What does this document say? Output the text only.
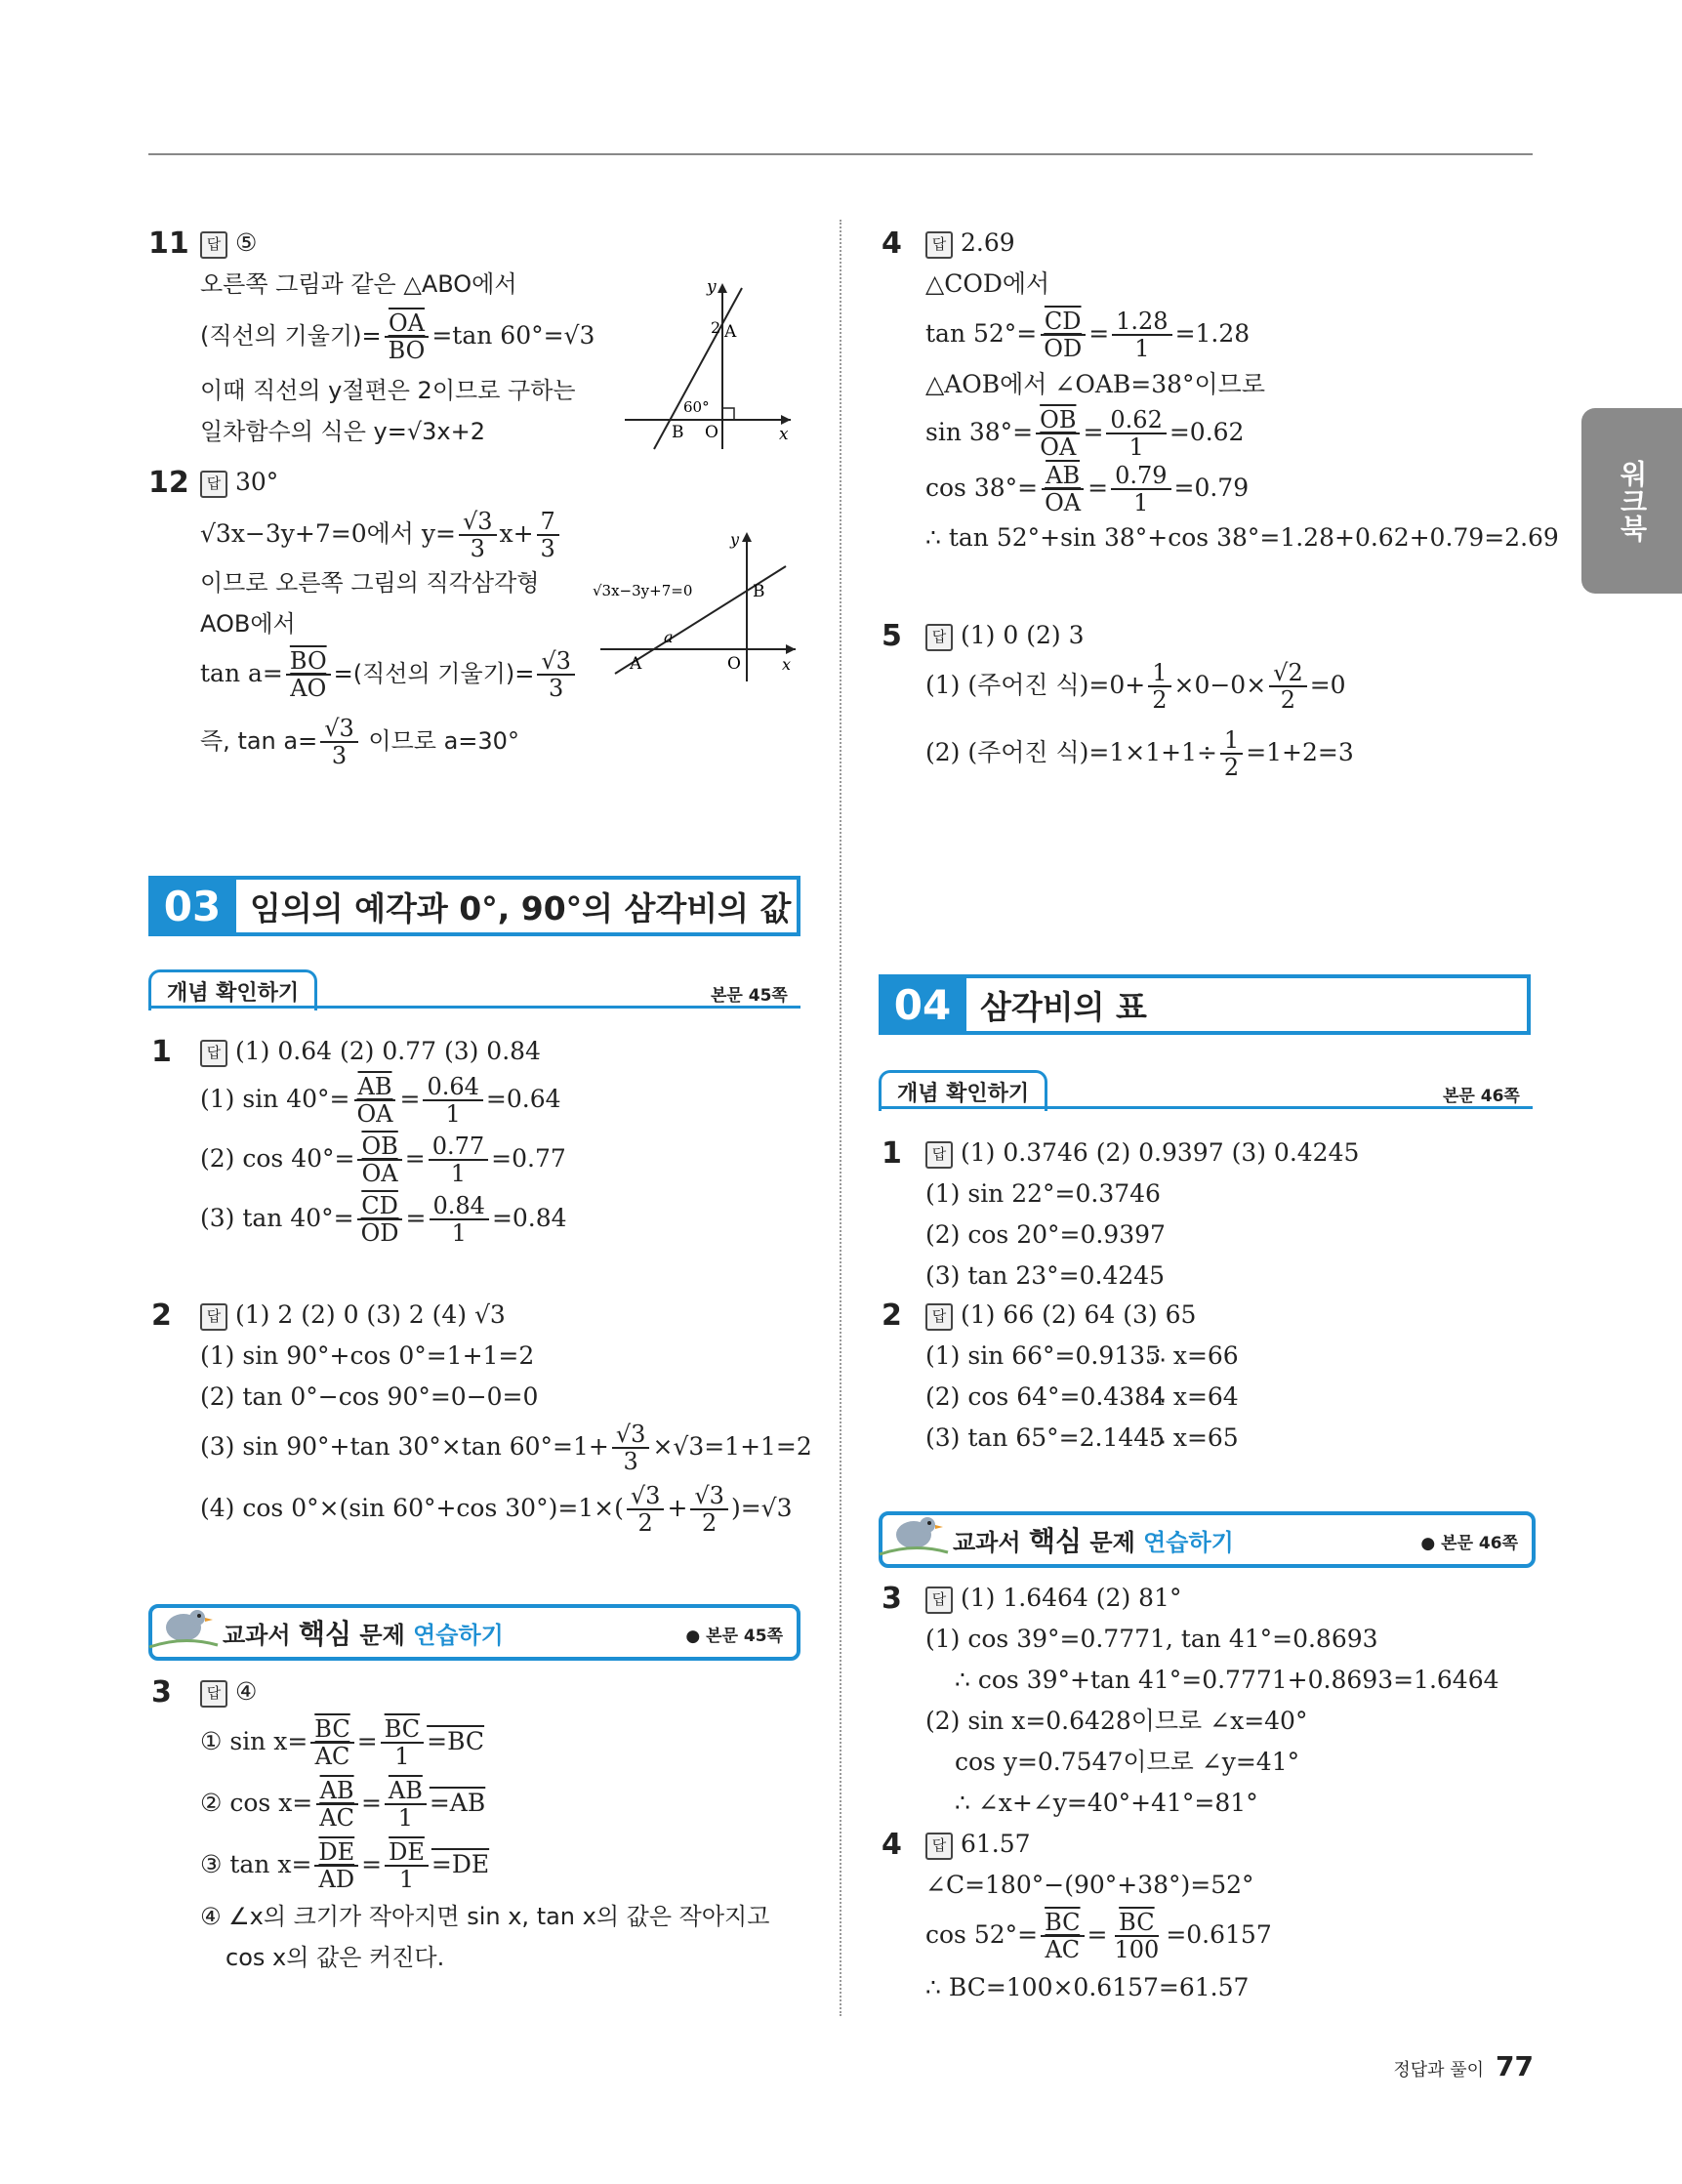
워크북
11	답 ⑤
오른쪽 그림과 같은 △ABO에서
(직선의 기울기)= $\frac{\overline{OA}}{BO} =\tan$ 60°=√3
이때 직선의 y절편은 2이므로 구하는
일차함수의 식은 y=√3x+2
y
x
A
2
B O
60°
12	답 30°
√3x−3y+7=0에서 $y= \frac{√3}{3} x+ \frac{7}{3}$
이므로 오른쪽 그림의 직각삼각형
AOB에서
$\tan a= \frac{\overline{BO}}{AO}$ =(직선의 기울기)= $\frac{√3}{3}$
즉, $\tan a= \frac{√3}{3}$ 이므로 a=30°
y
x
√3x−3y+7=0	B
A	O
a
03 임의의 예각과 0°, 90°의 삼각비의 값
개념 확인하기	본문 45쪽
1	답 (1) 0.64 (2) 0.77 (3) 0.84
(1) $\sin 40^\circ= \frac{\overline{AB}}{OA} = \frac{0.64}{1} =0.64$
(2) $\cos 40^\circ= \frac{\overline{OB}}{OA} = \frac{0.77}{1} =0.77$
(3) $\tan 40^\circ= \frac{\overline{CD}}{OD} = \frac{0.84}{1} =0.84$
2	답 (1) 2 (2) 0 (3) 2 (4) √3
(1) sin 90°+cos 0°=1+1=2
(2) tan 0°−cos 90°=0−0=0
(3) sin 90°+tan 30°×tan $60^\circ=1+ \frac{√3}{3} \times√3=1+1=2$
(4) cos 0°×(sin 60°+cos $30^\circ)=1\times( \frac{√3}{2} + \frac{√3}{2} )=√3$
교과서 핵심 문제 연습하기	● 본문 45쪽
3	답 ④
① $\sin x= \frac{\overline{BC}}{AC} = \frac{\overline{BC}}{1} =BC$
② $\cos x= \frac{\overline{AB}}{AC} = \frac{\overline{AB}}{1} =AB$
③ $\tan x= \frac{\overline{DE}}{AD} = \frac{\overline{DE}}{1} =DE$
④ ∠x의 크기가 작아지면 sin x, tan x의 값은 작아지고
cos x의 값은 커진다.
4	답 2.69
△COD에서
$\tan 52^\circ= \frac{\overline{CD}}{OD} = \frac{1.28}{1} =1.28$
△AOB에서 ∠OAB=38°이므로
$\sin 38^\circ= \frac{\overline{OB}}{OA} = \frac{0.62}{1} =0.62$
$\cos 38^\circ= \frac{\overline{AB}}{OA} = \frac{0.79}{1} =0.79$
∴ tan 52°+sin 38°+cos 38°=1.28+0.62+0.79=2.69
5	답 (1) 0 (2) 3
(1) (주어진 식)$=0+ \frac{1}{2} \times 0-0\times \frac{√2}{2} =0$
(2) (주어진 식)$=1\times 1+1\div \frac{1}{2} =1+2=3$
04 삼각비의 표
개념 확인하기	본문 46쪽
1	답 (1) 0.3746 (2) 0.9397 (3) 0.4245
(1) sin 22°=0.3746
(2) cos 20°=0.9397
(3) tan 23°=0.4245
2	답 (1) 66 (2) 64 (3) 65
(1) sin 66°=0.9135∴ x=66
(2) cos 64°=0.4384∴ x=64
(3) tan 65°=2.1445∴ x=65
교과서 핵심 문제 연습하기	● 본문 46쪽
3	답 (1) 1.6464 (2) 81°
(1) cos 39°=0.7771, tan 41°=0.8693
∴ cos 39°+tan 41°=0.7771+0.8693=1.6464
(2) sin x=0.6428이므로 ∠x=40°
cos y=0.7547이므로 ∠y=41°
∴ ∠x+∠y=40°+41°=81°
4	답 61.57
∠C=180°−(90°+38°)=52°
$\cos 52^\circ= \frac{\overline{BC}}{AC} = \frac{\overline{BC}}{100} =0.6157$
∴ BC=100×0.6157=61.57
정답과 풀이 77
